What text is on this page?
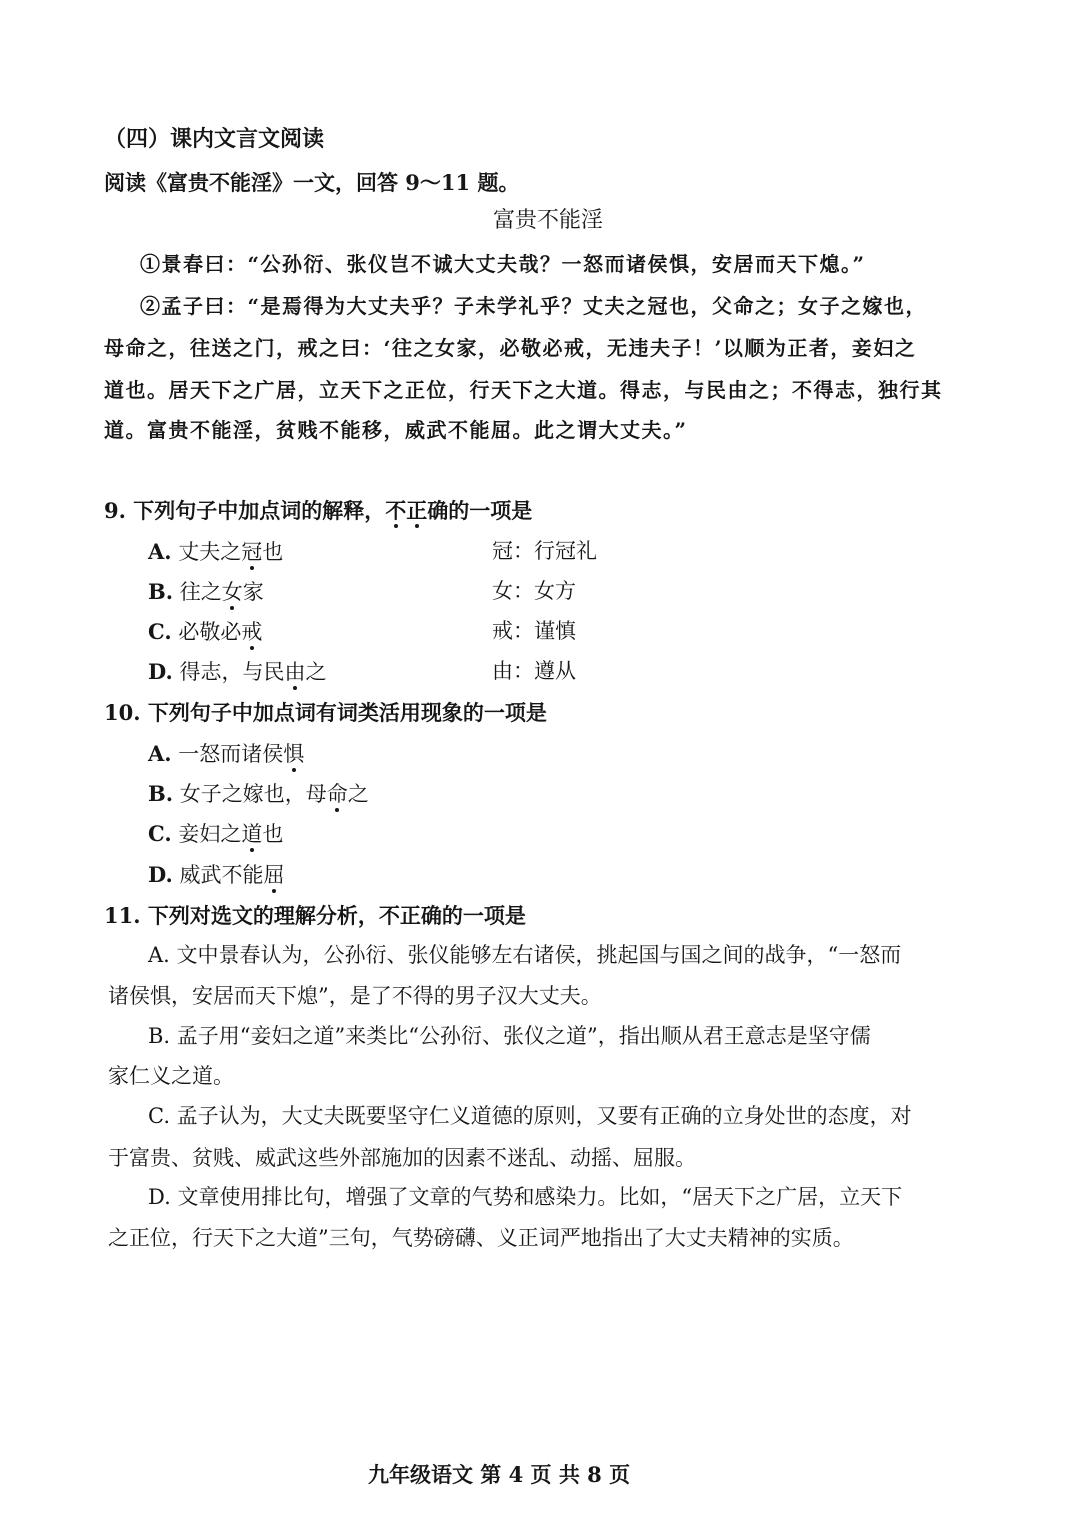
（四）课内文言文阅读
阅读《富贵不能淫》一文，回答 9～11 题。
富贵不能淫
①景春曰：“公孙衍、张仪岂不诚大丈夫哉？一怒而诸侯惧，安居而天下熄。”
②孟子曰：“是焉得为大丈夫乎？子未学礼乎？丈夫之冠也，父命之；女子之嫁也，
母命之，往送之门，戒之曰：‘往之女家，必敬必戒，无违夫子！’以顺为正者，妾妇之
道也。居天下之广居，立天下之正位，行天下之大道。得志，与民由之；不得志，独行其
道。富贵不能淫，贫贱不能移，威武不能屈。此之谓大丈夫。”
9. 下列句子中加点词的解释，不正确的一项是
A. 丈夫之冠也	冠：行冠礼
B. 往之女家	女：女方
C. 必敬必戒	戒：谨慎
D. 得志，与民由之	由：遵从
10. 下列句子中加点词有词类活用现象的一项是
A. 一怒而诸侯惧
B. 女子之嫁也，母命之
C. 妾妇之道也
D. 威武不能屈
11. 下列对选文的理解分析，不正确的一项是
A. 文中景春认为，公孙衍、张仪能够左右诸侯，挑起国与国之间的战争，“一怒而
诸侯惧，安居而天下熄”，是了不得的男子汉大丈夫。
B. 孟子用“妾妇之道”来类比“公孙衍、张仪之道”，指出顺从君王意志是坚守儒
家仁义之道。
C. 孟子认为，大丈夫既要坚守仁义道德的原则，又要有正确的立身处世的态度，对
于富贵、贫贱、威武这些外部施加的因素不迷乱、动摇、屈服。
D. 文章使用排比句，增强了文章的气势和感染力。比如，“居天下之广居，立天下
之正位，行天下之大道”三句，气势磅礴、义正词严地指出了大丈夫精神的实质。
九年级语文 第 4 页 共 8 页
